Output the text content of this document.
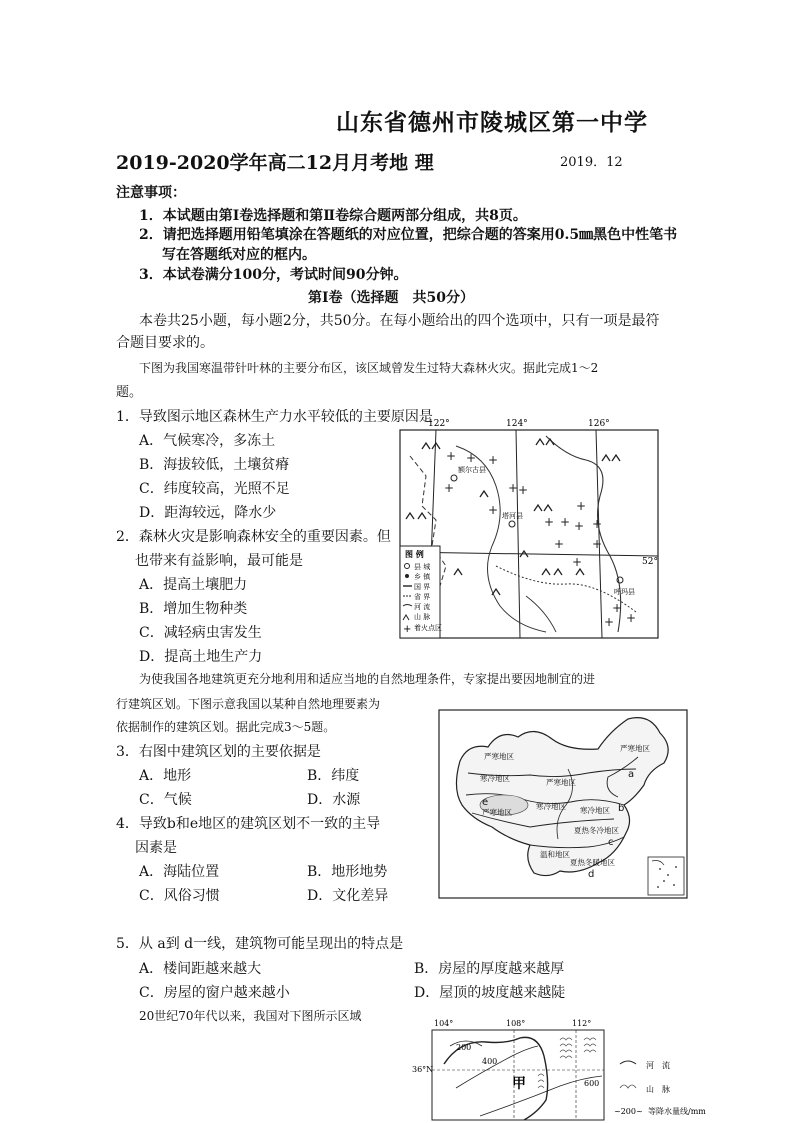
山东省德州市陵城区第一中学
2019-2020学年高二12月月考地 理	2019．12
注意事项：
1．本试题由第Ⅰ卷选择题和第Ⅱ卷综合题两部分组成，共8页。
2．请把选择题用铅笔填涂在答题纸的对应位置，把综合题的答案用0.5㎜黑色中性笔书
写在答题纸对应的框内。
3．本试卷满分100分，考试时间90分钟。
第Ⅰ卷（选择题　共50分）
本卷共25小题，每小题2分，共50分。在每小题给出的四个选项中，只有一项是最符
合题目要求的。
下图为我国寒温带针叶林的主要分布区，该区域曾发生过特大森林火灾。据此完成1～2
题。
1．导致图示地区森林生产力水平较低的主要原因是
A．气候寒冷，多冻土
B．海拔较低，土壤贫瘠
C．纬度较高，光照不足
D．距海较远，降水少
2．森林火灾是影响森林安全的重要因素。但
也带来有益影响，最可能是
A．提高土壤肥力
B．增加生物种类
C．减轻病虫害发生
D．提高土地生产力
122°	124°	126°
52°
额尔古县
塔河县
呼玛县
+ + +
+
+
+
+ +
+
+ +
+ +
+
+
+
+
+
图 例
县 城
乡 镇
国 界
省 界
河 流
山 脉
+ 着火点区
为使我国各地建筑更充分地利用和适应当地的自然地理条件，专家提出要因地制宜的进
行建筑区划。下图示意我国以某种自然地理要素为
依据制作的建筑区划。据此完成3～5题。
3．右图中建筑区划的主要依据是
A．地形	B．纬度
C．气候	D．水源
4．导致b和e地区的建筑区划不一致的主导
因素是
A．海陆位置	B．地形地势
C．风俗习惯	D．文化差异
严寒地区
严寒地区
寒冷地区	严寒地区
寒冷地区
严寒地区
寒冷地区
夏热冬冷地区
温和地区
夏热冬暖地区
a
b
c
d
e
5．从 a到 d一线，建筑物可能呈现出的特点是
A．楼间距越来越大	B．房屋的厚度越来越厚
C．房屋的窗户越来越小	D．屋顶的坡度越来越陡
20世纪70年代以来，我国对下图所示区域
104°	108°	112°
36°N
200
400
600
甲
河　流
山　脉
~200~ 等降水量线/mm
